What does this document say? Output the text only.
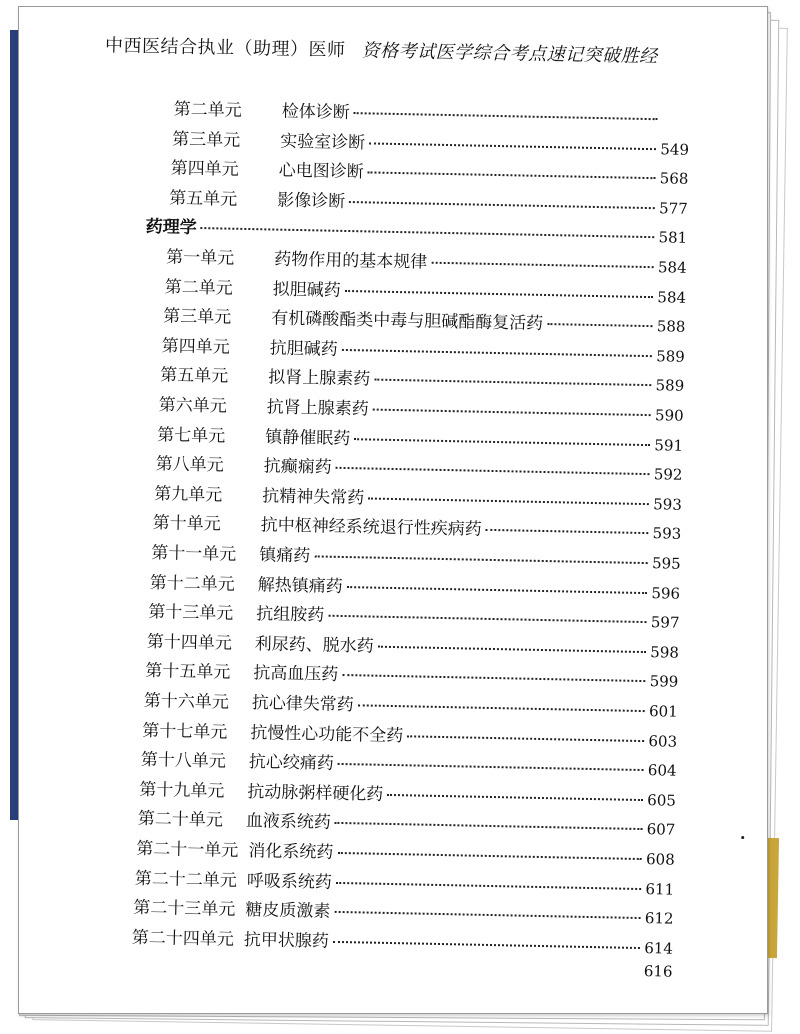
中西医结合执业（助理）医师 资格考试医学综合考点速记突破胜经
第二单元	检体诊断
第三单元	实验室诊断	549
第四单元	心电图诊断	568
第五单元	影像诊断	577
药理学	581
第一单元	药物作用的基本规律	584
第二单元	拟胆碱药	584
第三单元	有机磷酸酯类中毒与胆碱酯酶复活药	588
第四单元	抗胆碱药	589
第五单元	拟肾上腺素药	589
第六单元	抗肾上腺素药	590
第七单元	镇静催眠药	591
第八单元	抗癫痫药	592
第九单元	抗精神失常药	593
第十单元	抗中枢神经系统退行性疾病药	593
第十一单元	镇痛药	595
第十二单元	解热镇痛药	596
第十三单元	抗组胺药	597
第十四单元	利尿药、脱水药	598
第十五单元	抗高血压药	599
第十六单元	抗心律失常药	601
第十七单元	抗慢性心功能不全药	603
第十八单元	抗心绞痛药	604
第十九单元	抗动脉粥样硬化药	605
第二十单元	血液系统药	607
第二十一单元 消化系统药	608
第二十二单元 呼吸系统药	611
第二十三单元 糖皮质激素	612
第二十四单元 抗甲状腺药	614
616
